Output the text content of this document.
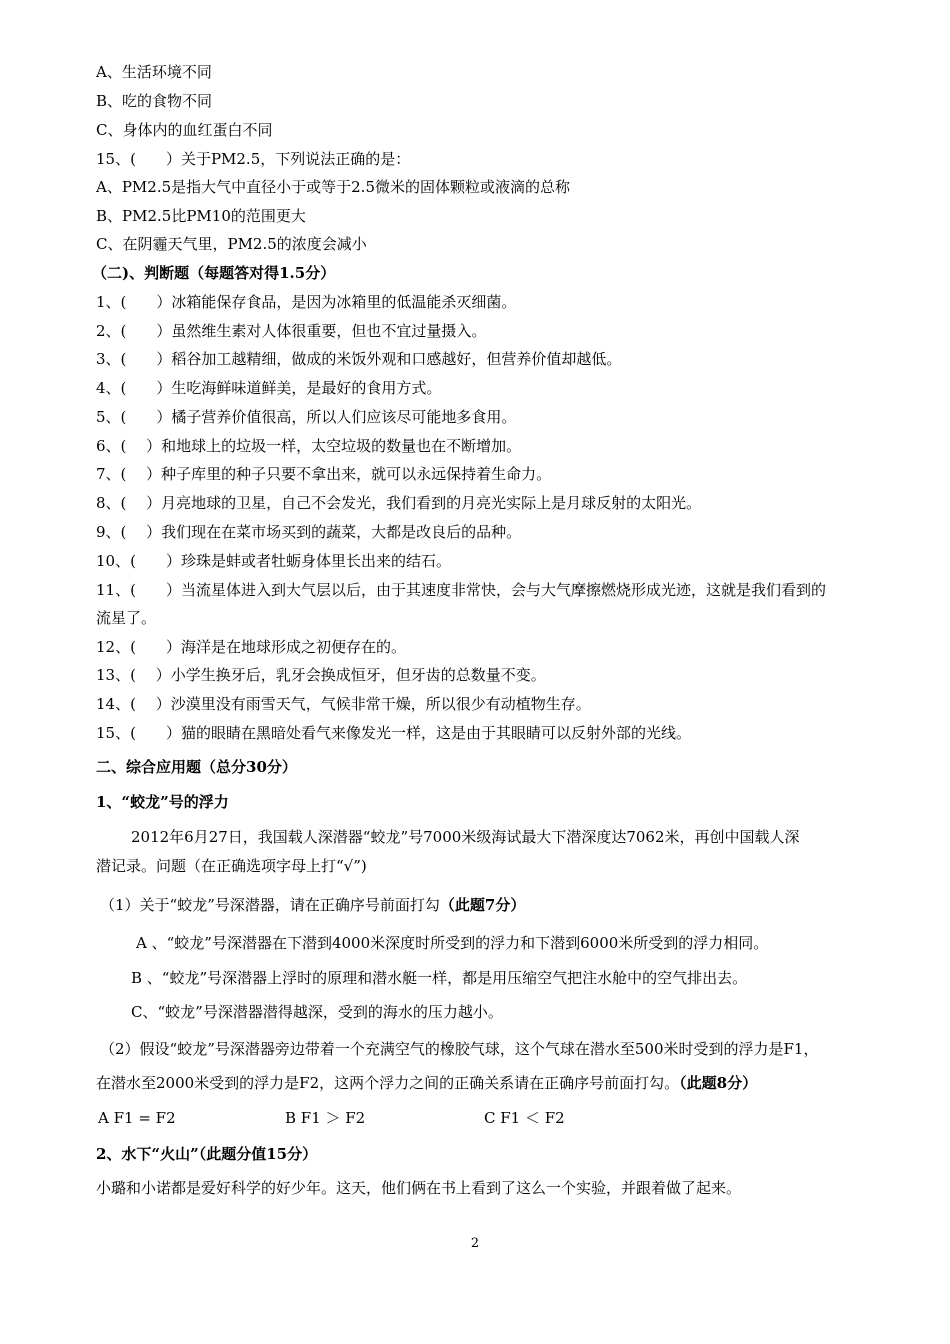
A、生活环境不同
B、吃的食物不同
C、身体内的血红蛋白不同
15、(　　）关于PM2.5，下列说法正确的是：
A、PM2.5是指大气中直径小于或等于2.5微米的固体颗粒或液滴的总称
B、PM2.5比PM10的范围更大
C、在阴霾天气里，PM2.5的浓度会减小
（二)、判断题（每题答对得1.5分）
1、(　　）冰箱能保存食品，是因为冰箱里的低温能杀灭细菌。
2、(　　）虽然维生素对人体很重要，但也不宜过量摄入。
3、(　　）稻谷加工越精细，做成的米饭外观和口感越好，但营养价值却越低。
4、(　　）生吃海鲜味道鲜美，是最好的食用方式。
5、(　　）橘子营养价值很高，所以人们应该尽可能地多食用。
6、(　 ）和地球上的垃圾一样，太空垃圾的数量也在不断增加。
7、(　 ）种子库里的种子只要不拿出来，就可以永远保持着生命力。
8、(　 ）月亮地球的卫星，自己不会发光，我们看到的月亮光实际上是月球反射的太阳光。
9、(　 ）我们现在在菜市场买到的蔬菜，大都是改良后的品种。
10、(　　）珍珠是蚌或者牡蛎身体里长出来的结石。
11、(　　）当流星体进入到大气层以后，由于其速度非常快，会与大气摩擦燃烧形成光迹，这就是我们看到的
流星了。
12、(　　）海洋是在地球形成之初便存在的。
13、(　 ）小学生换牙后，乳牙会换成恒牙，但牙齿的总数量不变。
14、(　 ）沙漠里没有雨雪天气，气候非常干燥，所以很少有动植物生存。
15、(　　）猫的眼睛在黑暗处看气来像发光一样，这是由于其眼睛可以反射外部的光线。
二、综合应用题（总分30分）
1、“蛟龙”号的浮力
2012年6月27日，我国载人深潜器“蛟龙”号7000米级海试最大下潜深度达7062米，再创中国载人深
潜记录。问题（在正确选项字母上打“√”)
（1）关于“蛟龙”号深潜器，请在正确序号前面打勾（此题7分）
A 、“蛟龙”号深潜器在下潜到4000米深度时所受到的浮力和下潜到6000米所受到的浮力相同。
B 、“蛟龙”号深潜器上浮时的原理和潜水艇一样，都是用压缩空气把注水舱中的空气排出去。
C、“蛟龙”号深潜器潜得越深，受到的海水的压力越小。
（2）假设“蛟龙”号深潜器旁边带着一个充满空气的橡胶气球，这个气球在潜水至500米时受到的浮力是F1，
在潜水至2000米受到的浮力是F2，这两个浮力之间的正确关系请在正确序号前面打勾。（此题8分）
A F1 = F2	B F1 ＞ F2	C F1 ＜ F2
2、水下“火山”（此题分值15分）
小璐和小诺都是爱好科学的好少年。这天，他们俩在书上看到了这么一个实验，并跟着做了起来。
2
